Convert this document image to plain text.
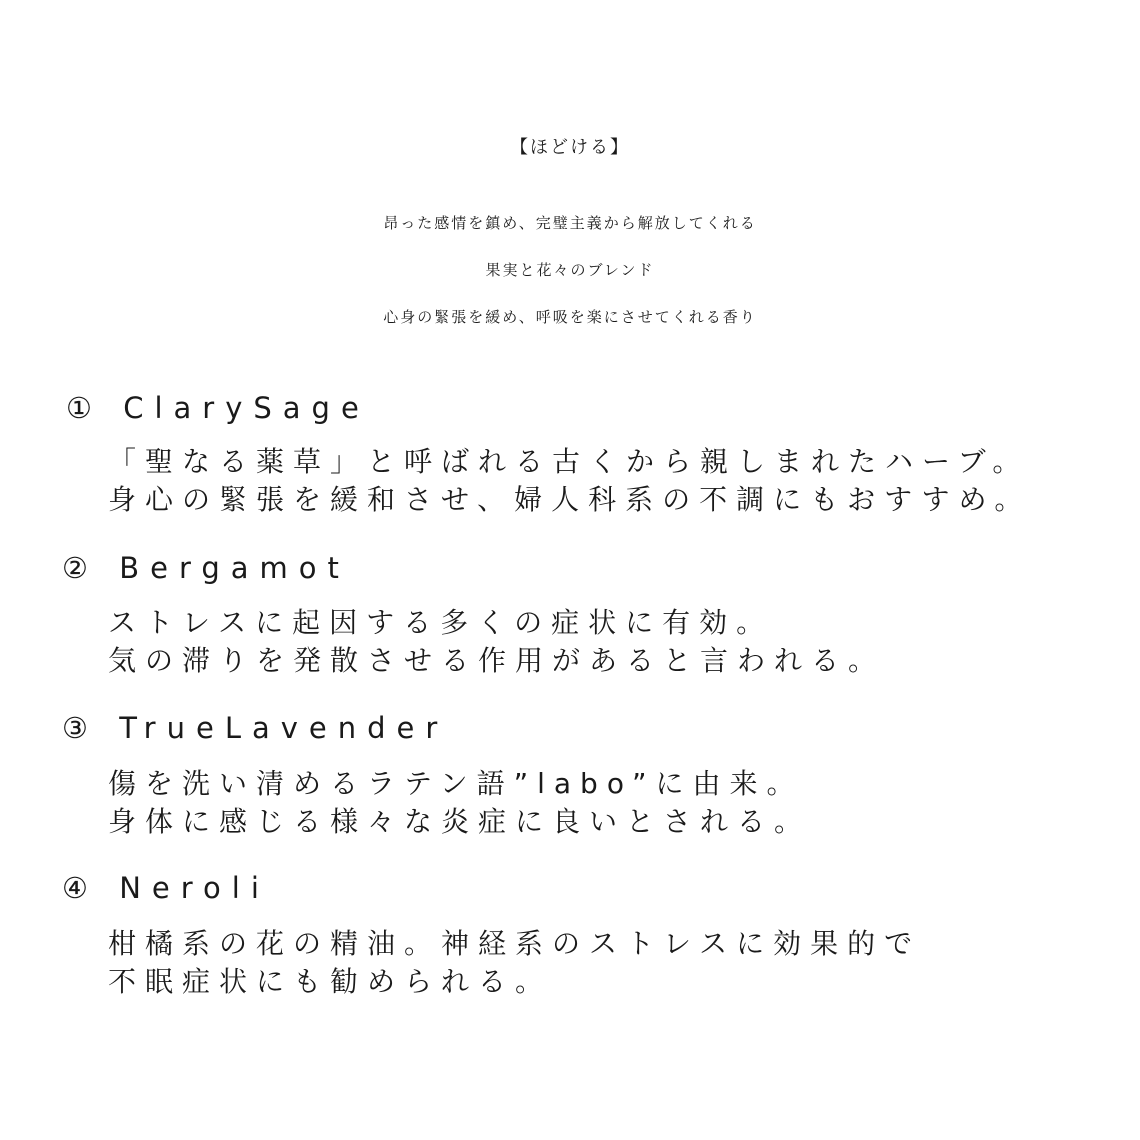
【ほどける】
昂った感情を鎮め、完璧主義から解放してくれる
果実と花々のブレンド
心身の緊張を緩め、呼吸を楽にさせてくれる香り
① ClarySage
「聖なる薬草」と呼ばれる古くから親しまれたハーブ。
身心の緊張を緩和させ、婦人科系の不調にもおすすめ。
② Bergamot
ストレスに起因する多くの症状に有効。
気の滞りを発散させる作用があると言われる。
③ TrueLavender
傷を洗い清めるラテン語”labo”に由来。
身体に感じる様々な炎症に良いとされる。
④ Neroli
柑橘系の花の精油。神経系のストレスに効果的で
不眠症状にも勧められる。
